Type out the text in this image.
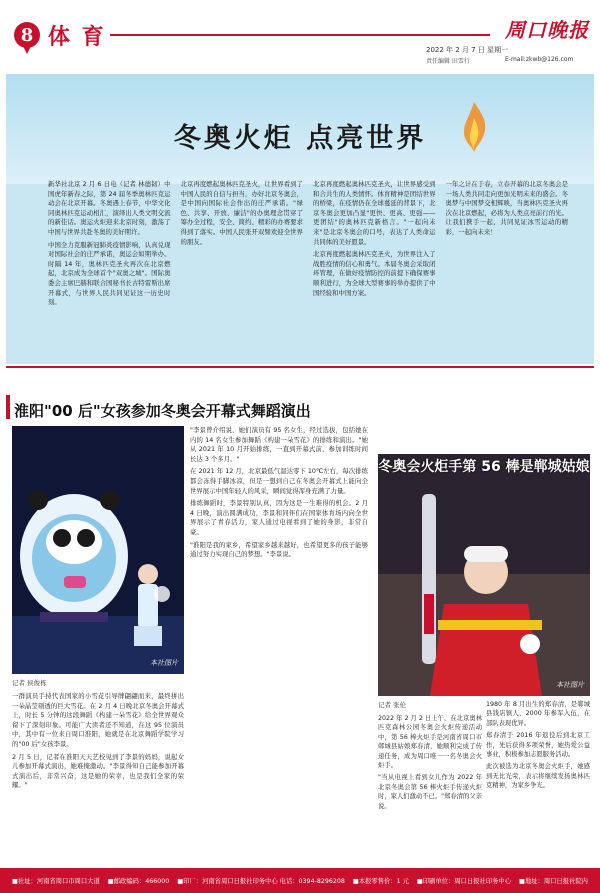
8 体 育	周口晚报
2022 年 2 月 7 日 星期一
责任编辑 田雪行	E-mail:zkwb@126.com
冬奥火炬 点亮世界

新华社北京 2 月 6 日电（记者 林德韧）中国虎年新春之际，第 24 届冬季奥林匹克运动会在北京开幕。冬奥遇上春节，中华文化同奥林匹克运动相汇，演绎出人类文明交流的新佳话。奥运火炬迎来北京时刻，激荡了中国与世界共赴冬奥的美好期许。

中国全力克服新冠肺炎疫情影响，认真兑现对国际社会的庄严承诺，奥运会如期举办。时隔 14 年，奥林匹克圣火再次在北京燃起，北京成为全球首个"双奥之城"。国际奥委会主席巴赫和联合国秘书长古特雷斯出席开幕式，与世界人民共同见证这一历史时刻。

北京再度燃起奥林匹克圣火，让世界看到了中国人民的自信与担当，办好北京冬奥会，是中国向国际社会作出的庄严承诺。"绿色、共享、开放、廉洁"的办奥理念贯穿了筹办全过程，安全、简约、精彩的办赛要求得到了落实。中国人民张开双臂欢迎全世界的朋友。

北京再度燃起奥林匹克圣火，让世界感受到和合共生的人类情怀。体育精神是团结世界的桥梁，在疫情仍在全球蔓延的背景下，北京冬奥会更加凸显"更快、更高、更强——更团结"的奥林匹克新格言。"一起向未来"是北京冬奥会的口号，表达了人类命运共同体的美好愿景。

北京再度燃起奥林匹克圣火，为世界注入了战胜疫情的信心和勇气。本届冬奥会采取闭环管理，在做好疫情防控的前提下确保赛事顺利进行，为全球大型赛事的举办提供了中国经验和中国方案。

一年之计在于春，立春开幕的北京冬奥会是一场人类共同走向更加光明未来的盛会。冬奥梦与中国梦交相辉映，当奥林匹克圣火再次在北京燃起，必将为人类点亮前行的光。让我们携手一起，共同见证冰雪运动的精彩，一起向未来！

淮阳"00 后"女孩参加冬奥会开幕式舞蹈演出
本社图片
记者 侯俊栋

一群演员手持代表国家的小雪花引导牌翩翩而来，最终拼出一朵晶莹剔透的巨大雪花。在 2 月 4 日晚北京冬奥会开幕式上，时长 5 分钟的这段舞蹈《构建一朵雪花》给全世界观众留下了深刻印象。可能广大读者还不知道，在这 95 位演员中，其中有一位来自周口淮阳，她就是在北京舞蹈学院学习的"00 后"女孩李景。

2 月 5 日，记者在淮阳天天艺校见到了李景的妈妈，说起女儿参加开幕式演出，她难掩激动。"李景得知自己能参加开幕式演出后，非常兴奋，这是她的荣幸，也是我们全家的荣耀。"

"李景曾介绍说，她们演员有 95 名女生，经过选拔，包括她在内的 14 名女生参加舞蹈《构建一朵雪花》的排练和演出。"她从 2021 年 10 月开始排练，一直到开幕式前，参加训练时间长达 3 个多月。"

在 2021 年 12 月，北京最低气温达零下 10℃左右，每次排练都会冻得手脚冰凉，但是一想到自己在冬奥会开幕式上能向全世界展示中国年轻人的风采，瞬间觉得浑身充满了力量。

排练舞蹈时，李景特别认真，因为这是一生难得的机会。2 月 4 日晚，演出圆满成功，李景和同伴们在国家体育场内向全世界展示了青春活力，家人通过电视看到了她的身影，非常自豪。

"淮阳是我的家乡，希望家乡越来越好，也希望更多的孩子能够通过努力实现自己的梦想。"李景说。

本社图片
冬奥会火炬手第 56 棒是郸城姑娘
记者 张伦

2022 年 2 月 2 日上午，在北京奥林匹克森林公园冬奥会火炬传递活动中，第 56 棒火炬手是河南省周口市郸城县姑娘郑春清，她顺利完成了传递任务，成为周口唯一一名冬奥会火炬手。

"当从电视上看到女儿作为 2022 年北京冬奥会第 56 棒火炬手传递火炬时，家人们激动不已。"郑春清的父亲说。

1980 年 8 月出生的郑春清，是郸城县钱店镇人，2000 年参军入伍，在部队表现优异。

郑春清于 2016 年退役后到北京工作，先后获得多项荣誉，她热爱公益事业，积极参加志愿服务活动。

此次被选为北京冬奥会火炬手，她感到无比光荣，表示将继续发扬奥林匹克精神，为家乡争光。

■社址：河南省周口市周口大道 ■邮政编码：466000 ■印厂：河南省周口日报社印务中心 电话：0394-8296208 ■本报零售价：1 元 ■印刷单位：周口日报社印务中心 ■地址：周口日报社院内
